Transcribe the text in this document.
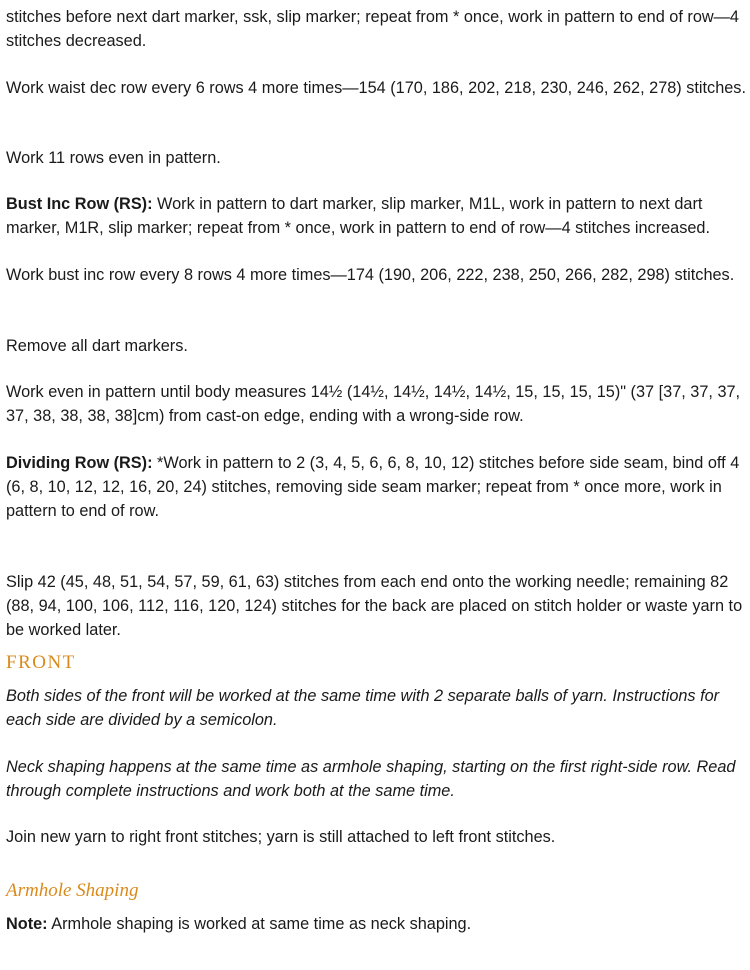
stitches before next dart marker, ssk, slip marker; repeat from * once, work in pattern to end of row—4 stitches decreased.

Work waist dec row every 6 rows 4 more times—154 (170, 186, 202, 218, 230, 246, 262, 278) stitches.

Work 11 rows even in pattern.

Bust Inc Row (RS): Work in pattern to dart marker, slip marker, M1L, work in pattern to next dart marker, M1R, slip marker; repeat from * once, work in pattern to end of row—4 stitches increased.

Work bust inc row every 8 rows 4 more times—174 (190, 206, 222, 238, 250, 266, 282, 298) stitches.

Remove all dart markers.

Work even in pattern until body measures 14½ (14½, 14½, 14½, 14½, 15, 15, 15, 15)" (37 [37, 37, 37, 37, 38, 38, 38, 38]cm) from cast-on edge, ending with a wrong-side row.

Dividing Row (RS): *Work in pattern to 2 (3, 4, 5, 6, 6, 8, 10, 12) stitches before side seam, bind off 4 (6, 8, 10, 12, 12, 16, 20, 24) stitches, removing side seam marker; repeat from * once more, work in pattern to end of row.

Slip 42 (45, 48, 51, 54, 57, 59, 61, 63) stitches from each end onto the working needle; remaining 82 (88, 94, 100, 106, 112, 116, 120, 124) stitches for the back are placed on stitch holder or waste yarn to be worked later.

FRONT

Both sides of the front will be worked at the same time with 2 separate balls of yarn. Instructions for each side are divided by a semicolon.

Neck shaping happens at the same time as armhole shaping, starting on the first right-side row. Read through complete instructions and work both at the same time.

Join new yarn to right front stitches; yarn is still attached to left front stitches.

Armhole Shaping

Note: Armhole shaping is worked at same time as neck shaping.
